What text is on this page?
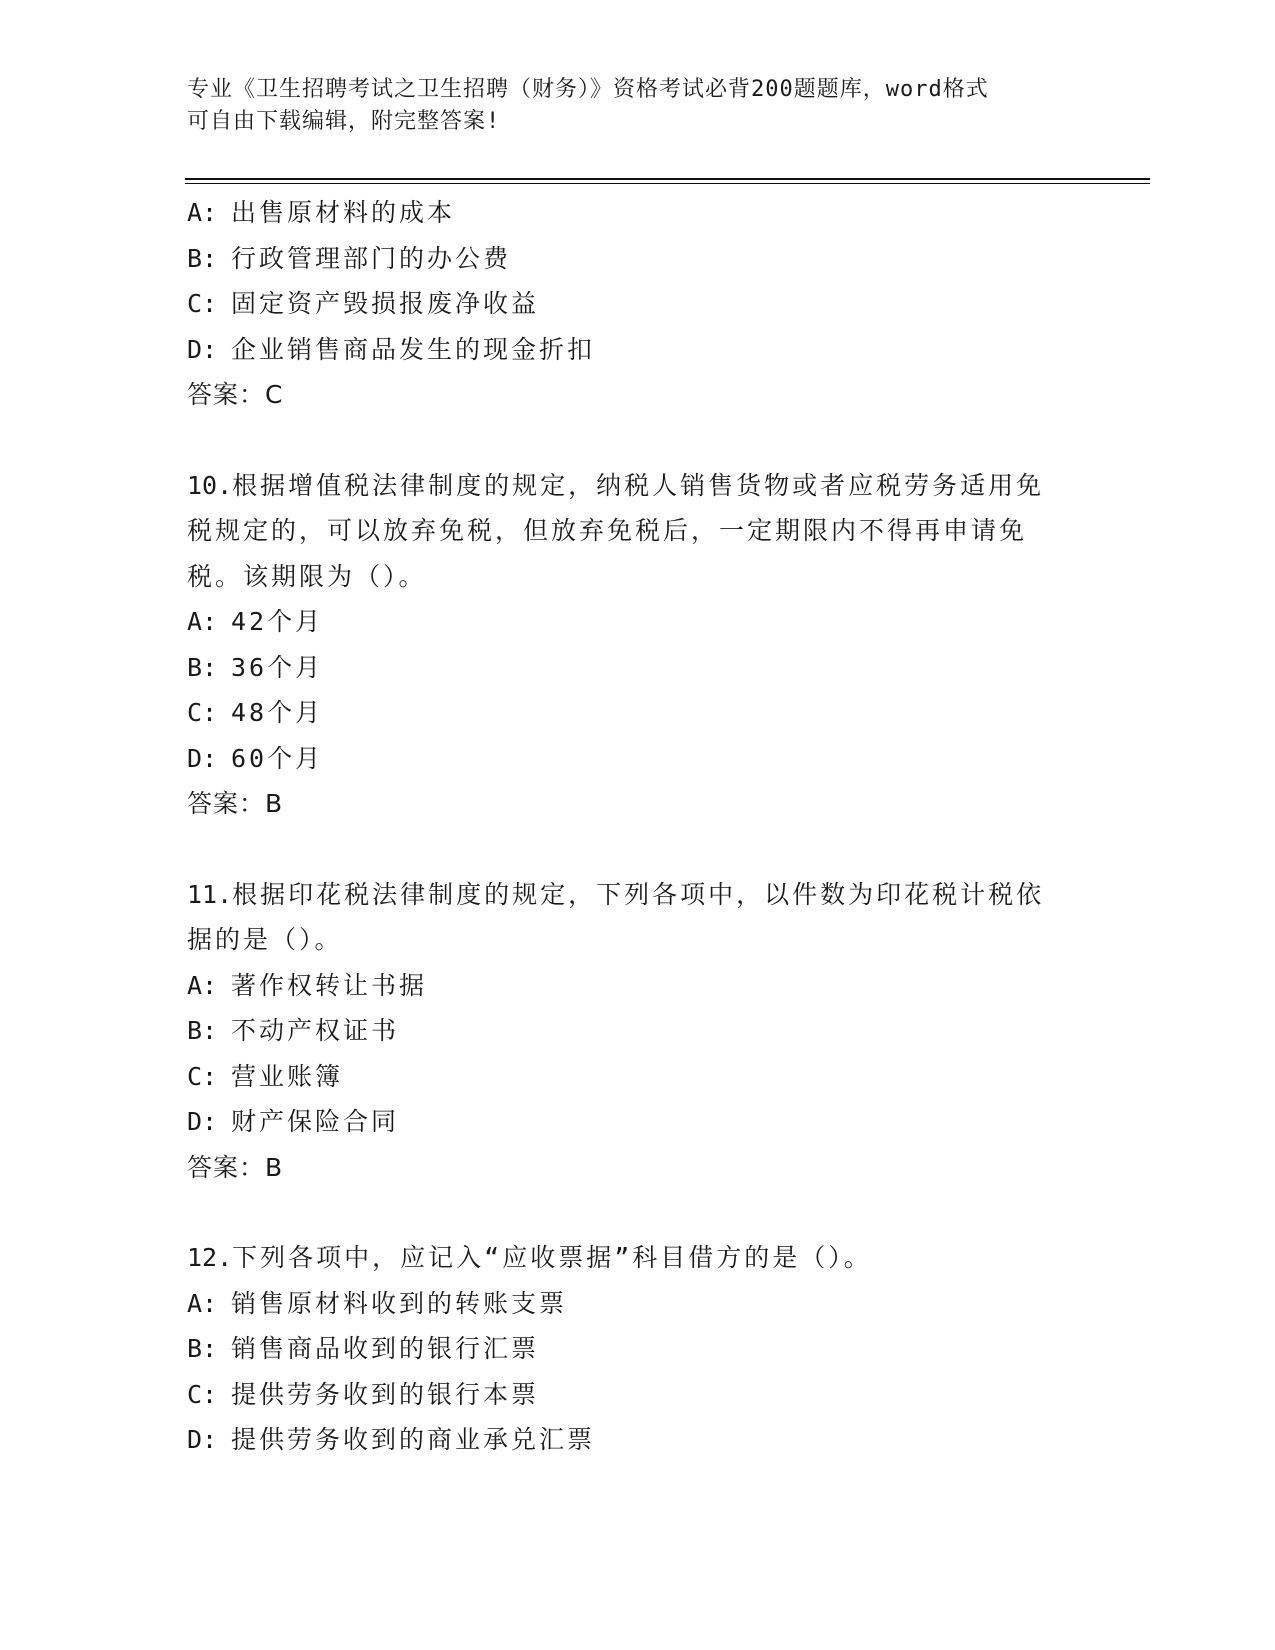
专业《卫生招聘考试之卫生招聘（财务）》资格考试必背200题题库，word格式
可自由下载编辑，附完整答案!
A: 出售原材料的成本
B: 行政管理部门的办公费
C: 固定资产毁损报废净收益
D: 企业销售商品发生的现金折扣
答案：C
10.根据增值税法律制度的规定，纳税人销售货物或者应税劳务适用免
税规定的，可以放弃免税，但放弃免税后，一定期限内不得再申请免
税。该期限为（）。
A: 42个月
B: 36个月
C: 48个月
D: 60个月
答案：B
11.根据印花税法律制度的规定，下列各项中，以件数为印花税计税依
据的是（）。
A: 著作权转让书据
B: 不动产权证书
C: 营业账簿
D: 财产保险合同
答案：B
12.下列各项中，应记入“应收票据”科目借方的是（）。
A: 销售原材料收到的转账支票
B: 销售商品收到的银行汇票
C: 提供劳务收到的银行本票
D: 提供劳务收到的商业承兑汇票
